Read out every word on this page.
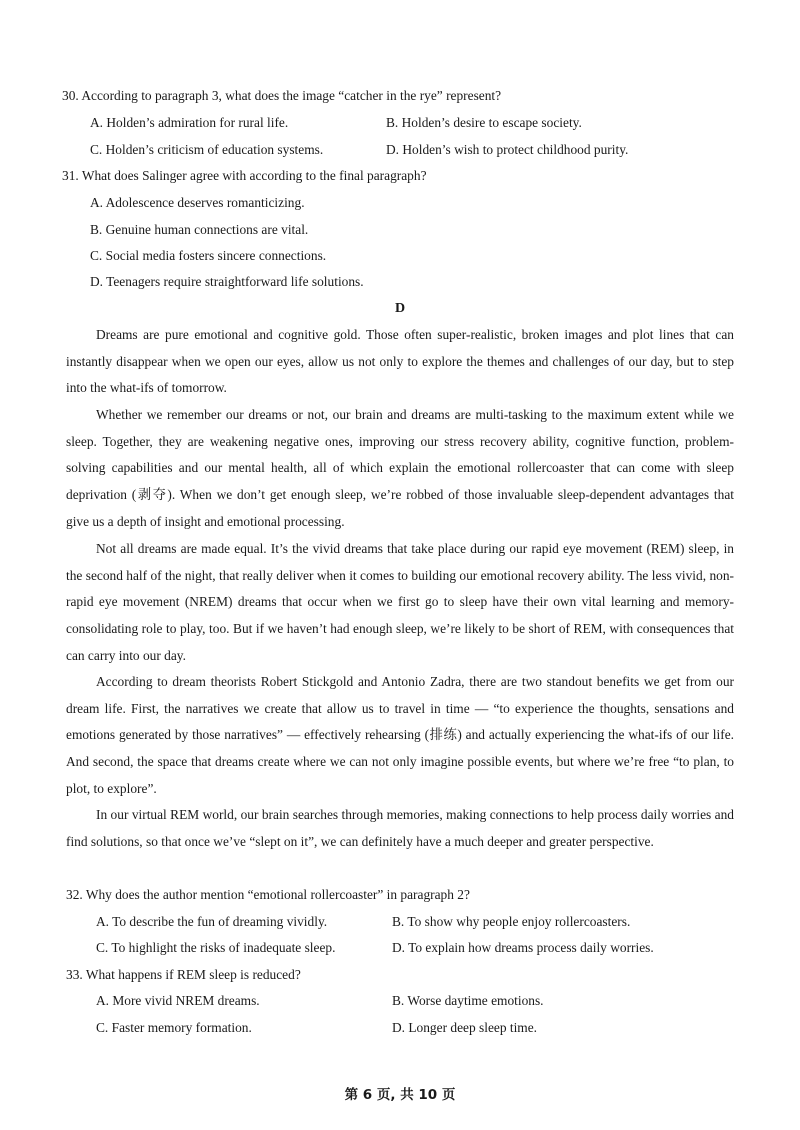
30. According to paragraph 3, what does the image “catcher in the rye” represent?
A. Holden’s admiration for rural life.	B. Holden’s desire to escape society.
C. Holden’s criticism of education systems.	D. Holden’s wish to protect childhood purity.
31. What does Salinger agree with according to the final paragraph?
A. Adolescence deserves romanticizing.
B. Genuine human connections are vital.
C. Social media fosters sincere connections.
D. Teenagers require straightforward life solutions.
D
Dreams are pure emotional and cognitive gold. Those often super-realistic, broken images and plot lines that can instantly disappear when we open our eyes, allow us not only to explore the themes and challenges of our day, but to step into the what-ifs of tomorrow.
Whether we remember our dreams or not, our brain and dreams are multi-tasking to the maximum extent while we sleep. Together, they are weakening negative ones, improving our stress recovery ability, cognitive function, problem-solving capabilities and our mental health, all of which explain the emotional rollercoaster that can come with sleep deprivation (剥夺). When we don’t get enough sleep, we’re robbed of those invaluable sleep-dependent advantages that give us a depth of insight and emotional processing.
Not all dreams are made equal. It’s the vivid dreams that take place during our rapid eye movement (REM) sleep, in the second half of the night, that really deliver when it comes to building our emotional recovery ability. The less vivid, non-rapid eye movement (NREM) dreams that occur when we first go to sleep have their own vital learning and memory-consolidating role to play, too. But if we haven’t had enough sleep, we’re likely to be short of REM, with consequences that can carry into our day.
According to dream theorists Robert Stickgold and Antonio Zadra, there are two standout benefits we get from our dream life. First, the narratives we create that allow us to travel in time — “to experience the thoughts, sensations and emotions generated by those narratives” — effectively rehearsing (排练) and actually experiencing the what-ifs of our life. And second, the space that dreams create where we can not only imagine possible events, but where we’re free “to plan, to plot, to explore”.
In our virtual REM world, our brain searches through memories, making connections to help process daily worries and find solutions, so that once we’ve “slept on it”, we can definitely have a much deeper and greater perspective.
32. Why does the author mention “emotional rollercoaster” in paragraph 2?
A. To describe the fun of dreaming vividly.	B. To show why people enjoy rollercoasters.
C. To highlight the risks of inadequate sleep.	D. To explain how dreams process daily worries.
33. What happens if REM sleep is reduced?
A. More vivid NREM dreams.	B. Worse daytime emotions.
C. Faster memory formation.	D. Longer deep sleep time.
第 6 页, 共 10 页
